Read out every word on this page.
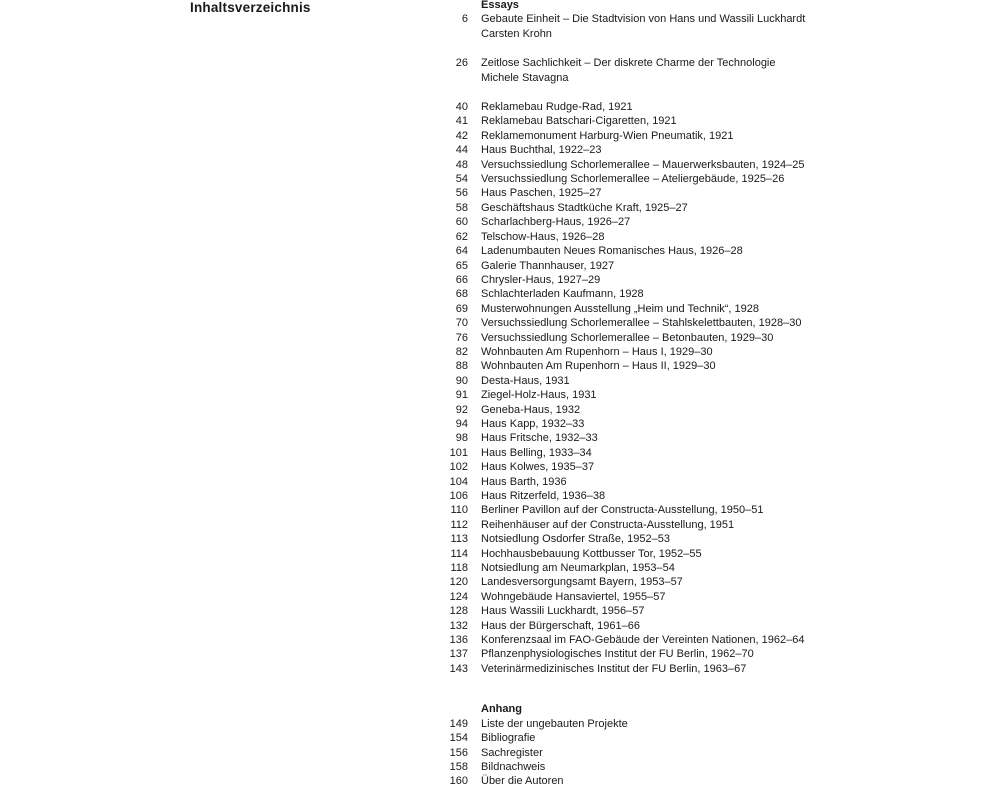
Inhaltsverzeichnis	Essays
6 Gebaute Einheit – Die Stadtvision von Hans und Wassili Luckhardt
Carsten Krohn
26 Zeitlose Sachlichkeit – Der diskrete Charme der Technologie
Michele Stavagna
40 Reklamebau Rudge-Rad, 1921
41 Reklamebau Batschari-Cigaretten, 1921
42 Reklamemonument Harburg-Wien Pneumatik, 1921
44 Haus Buchthal, 1922–23
48 Versuchssiedlung Schorlemerallee – Mauerwerksbauten, 1924–25
54 Versuchssiedlung Schorlemerallee – Ateliergebäude, 1925–26
56 Haus Paschen, 1925–27
58 Geschäftshaus Stadtküche Kraft, 1925–27
60 Scharlachberg-Haus, 1926–27
62 Telschow-Haus, 1926–28
64 Ladenumbauten Neues Romanisches Haus, 1926–28
65 Galerie Thannhauser, 1927
66 Chrysler-Haus, 1927–29
68 Schlachterladen Kaufmann, 1928
69 Musterwohnungen Ausstellung „Heim und Technik“, 1928
70 Versuchssiedlung Schorlemerallee – Stahlskelettbauten, 1928–30
76 Versuchssiedlung Schorlemerallee – Betonbauten, 1929–30
82 Wohnbauten Am Rupenhorn – Haus I, 1929–30
88 Wohnbauten Am Rupenhorn – Haus II, 1929–30
90 Desta-Haus, 1931
91 Ziegel-Holz-Haus, 1931
92 Geneba-Haus, 1932
94 Haus Kapp, 1932–33
98 Haus Fritsche, 1932–33
101 Haus Belling, 1933–34
102 Haus Kolwes, 1935–37
104 Haus Barth, 1936
106 Haus Ritzerfeld, 1936–38
110 Berliner Pavillon auf der Constructa-Ausstellung, 1950–51
112 Reihenhäuser auf der Constructa-Ausstellung, 1951
113 Notsiedlung Osdorfer Straße, 1952–53
114 Hochhausbebauung Kottbusser Tor, 1952–55
118 Notsiedlung am Neumarkplan, 1953–54
120 Landesversorgungsamt Bayern, 1953–57
124 Wohngebäude Hansaviertel, 1955–57
128 Haus Wassili Luckhardt, 1956–57
132 Haus der Bürgerschaft, 1961–66
136 Konferenzsaal im FAO-Gebäude der Vereinten Nationen, 1962–64
137 Pflanzenphysiologisches Institut der FU Berlin, 1962–70
143 Veterinärmedizinisches Institut der FU Berlin, 1963–67
Anhang
149 Liste der ungebauten Projekte
154 Bibliografie
156 Sachregister
158 Bildnachweis
160 Über die Autoren
